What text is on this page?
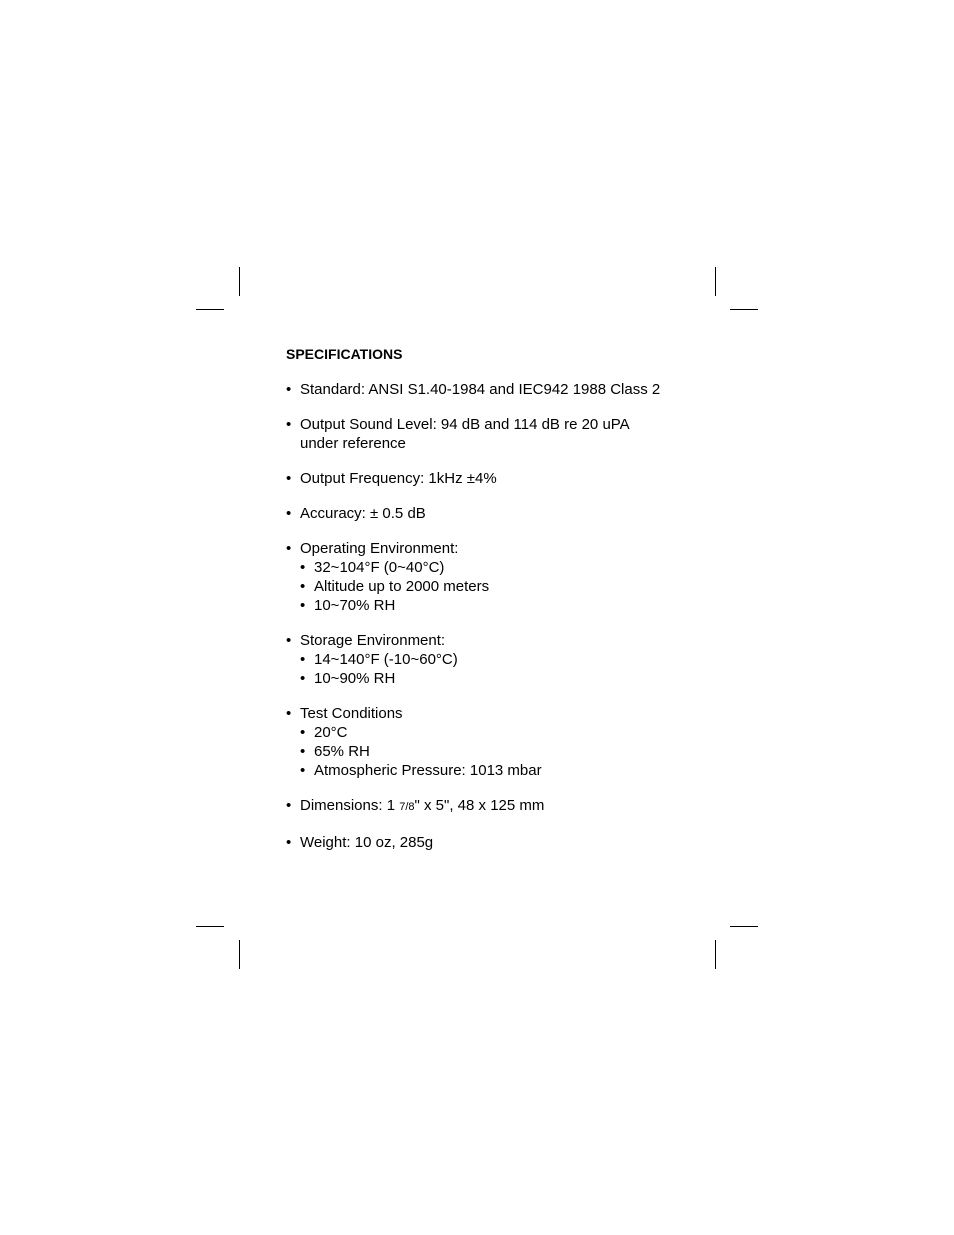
SPECIFICATIONS
• Standard: ANSI S1.40-1984 and IEC942 1988 Class 2
• Output Sound Level: 94 dB and 114 dB re 20 uPA
under reference
• Output Frequency: 1kHz ±4%
• Accuracy: ± 0.5 dB
• Operating Environment:
• 32~104°F (0~40°C)
• Altitude up to 2000 meters
• 10~70% RH
• Storage Environment:
• 14~140°F (-10~60°C)
• 10~90% RH
• Test Conditions
• 20°C
• 65% RH
• Atmospheric Pressure: 1013 mbar
• Dimensions: 1 7/8" x 5", 48 x 125 mm
• Weight: 10 oz, 285g
